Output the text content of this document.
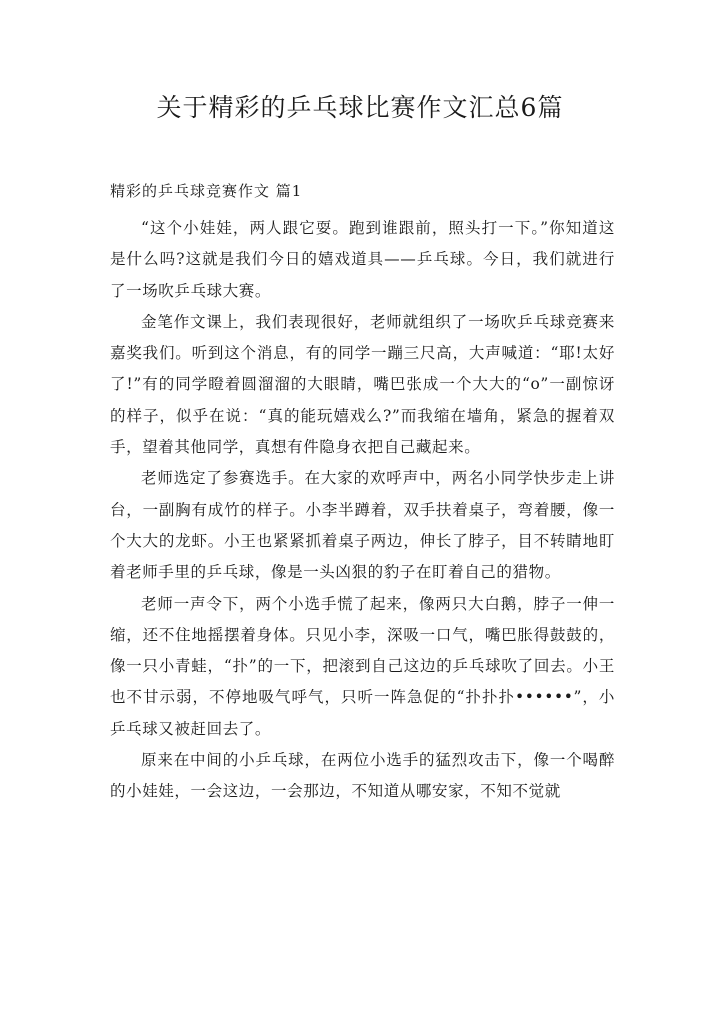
关于精彩的乒乓球比赛作文汇总6篇
精彩的乒乓球竞赛作文 篇1

“这个小娃娃，两人跟它耍。跑到谁跟前，照头打一下。”你知道这是什么吗?这就是我们今日的嬉戏道具——乒乓球。今日，我们就进行了一场吹乒乓球大赛。

金笔作文课上，我们表现很好，老师就组织了一场吹乒乓球竞赛来嘉奖我们。听到这个消息，有的同学一蹦三尺高，大声喊道：“耶!太好了!”有的同学瞪着圆溜溜的大眼睛，嘴巴张成一个大大的“o”一副惊讶的样子，似乎在说：“真的能玩嬉戏么?”而我缩在墙角，紧急的握着双手，望着其他同学，真想有件隐身衣把自己藏起来。

老师选定了参赛选手。在大家的欢呼声中，两名小同学快步走上讲台，一副胸有成竹的样子。小李半蹲着，双手扶着桌子，弯着腰，像一个大大的龙虾。小王也紧紧抓着桌子两边，伸长了脖子，目不转睛地盯着老师手里的乒乓球，像是一头凶狠的豹子在盯着自己的猎物。

老师一声令下，两个小选手慌了起来，像两只大白鹅，脖子一伸一缩，还不住地摇摆着身体。只见小李，深吸一口气，嘴巴胀得鼓鼓的，像一只小青蛙，“扑”的一下，把滚到自己这边的乒乓球吹了回去。小王也不甘示弱，不停地吸气呼气，只听一阵急促的“扑扑扑••••••”，小乒乓球又被赶回去了。

原来在中间的小乒乓球，在两位小选手的猛烈攻击下，像一个喝醉的小娃娃，一会这边，一会那边，不知道从哪安家，不知不觉就
